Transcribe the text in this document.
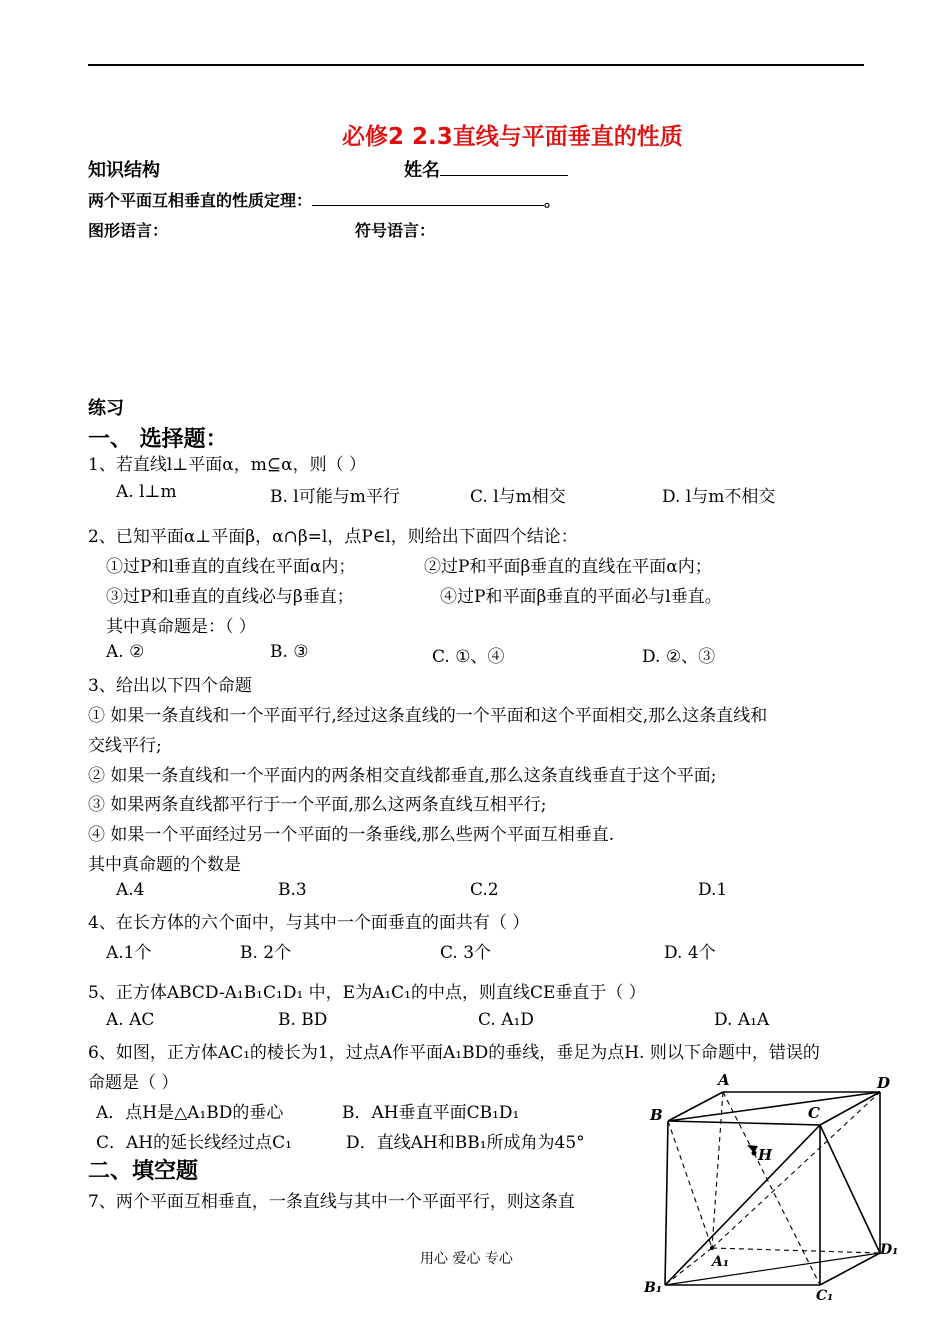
必修2 2.3直线与平面垂直的性质
知识结构	姓名
两个平面互相垂直的性质定理：	。
图形语言：	符号语言：
练习
一、 选择题：
1、若直线l⊥平面α，m⊆α，则（ ）
A. l⊥m	B. l可能与m平行	C. l与m相交	D. l与m不相交
2、已知平面α⊥平面β，α∩β=l，点P∈l，则给出下面四个结论：
①过P和l垂直的直线在平面α内；	②过P和平面β垂直的直线在平面α内；
③过P和l垂直的直线必与β垂直；	④过P和平面β垂直的平面必与l垂直。
其中真命题是：（ ）
A. ②	B. ③	C. ①、④	D. ②、③
3、给出以下四个命题
① 如果一条直线和一个平面平行,经过这条直线的一个平面和这个平面相交,那么这条直线和
交线平行;
② 如果一条直线和一个平面内的两条相交直线都垂直,那么这条直线垂直于这个平面;
③ 如果两条直线都平行于一个平面,那么这两条直线互相平行;
④ 如果一个平面经过另一个平面的一条垂线,那么些两个平面互相垂直.
其中真命题的个数是
A.4	B.3	C.2	D.1
4、在长方体的六个面中，与其中一个面垂直的面共有（ ）
A.1个	B. 2个	C. 3个	D. 4个
5、正方体ABCD-A₁B₁C₁D₁ 中，E为A₁C₁的中点，则直线CE垂直于（ ）
A. AC	B. BD	C. A₁D	D. A₁A
6、如图，正方体AC₁的棱长为1，过点A作平面A₁BD的垂线，垂足为点H. 则以下命题中，错误的
命题是（ ）
A．点H是△A₁BD的垂心	B．AH垂直平面CB₁D₁
C．AH的延长线经过点C₁	D．直线AH和BB₁所成角为45°
二、填空题
7、两个平面互相垂直，一条直线与其中一个平面平行，则这条直
A
B	C
D
H
A₁
B₁	C₁
D₁
用心 爱心 专心
